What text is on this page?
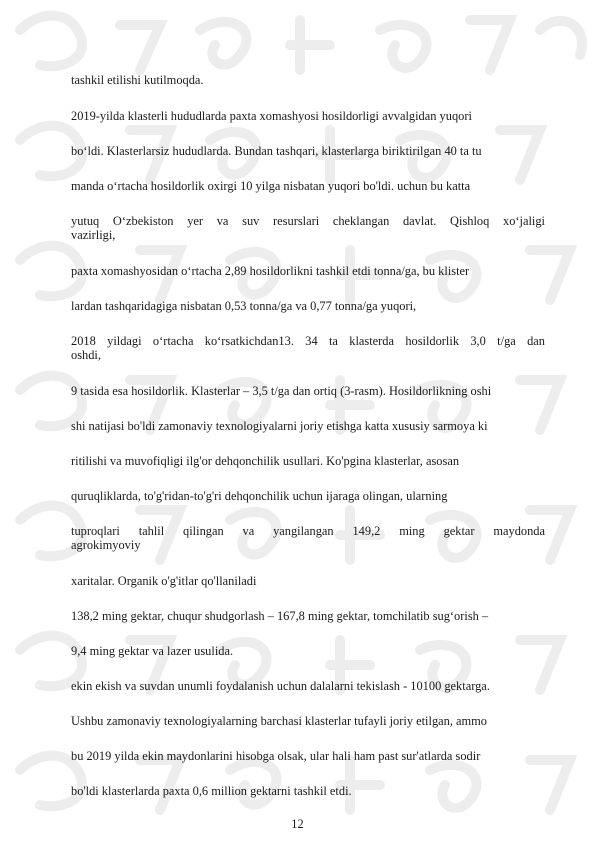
tashkil etilishi kutilmoqda.
2019-yilda klasterli hududlarda paxta xomashyosi hosildorligi avvalgidan yuqori
bo‘ldi. Klasterlarsiz hududlarda. Bundan tashqari, klasterlarga biriktirilgan 40 ta tu
manda o‘rtacha hosildorlik oxirgi 10 yilga nisbatan yuqori bo'ldi. uchun bu katta
yutuq O‘zbekiston yer va suv resurslari cheklangan davlat. Qishloq xo‘jaligi
vazirligi,
paxta xomashyosidan o‘rtacha 2,89 hosildorlikni tashkil etdi tonna/ga, bu klister
lardan tashqaridagiga nisbatan 0,53 tonna/ga va 0,77 tonna/ga yuqori,
2018 yildagi o‘rtacha ko‘rsatkichdan13. 34 ta klasterda hosildorlik 3,0 t/ga dan
oshdi,
9 tasida esa hosildorlik. Klasterlar – 3,5 t/ga dan ortiq (3-rasm). Hosildorlikning oshi
shi natijasi bo'ldi zamonaviy texnologiyalarni joriy etishga katta xususiy sarmoya ki
ritilishi va muvofiqligi ilg'or dehqonchilik usullari. Ko'pgina klasterlar, asosan
quruqliklarda, to'g'ridan-to'g'ri dehqonchilik uchun ijaraga olingan, ularning
tuproqlari tahlil qilingan va yangilangan 149,2 ming gektar maydonda
agrokimyoviy
xaritalar. Organik o'g'itlar qo'llaniladi
138,2 ming gektar, chuqur shudgorlash – 167,8 ming gektar, tomchilatib sug‘orish –
9,4 ming gektar va lazer usulida.
ekin ekish va suvdan unumli foydalanish uchun dalalarni tekislash - 10100 gektarga.
Ushbu zamonaviy texnologiyalarning barchasi klasterlar tufayli joriy etilgan, ammo
bu 2019 yilda ekin maydonlarini hisobga olsak, ular hali ham past sur'atlarda sodir
bo'ldi klasterlarda paxta 0,6 million gektarni tashkil etdi.
12
